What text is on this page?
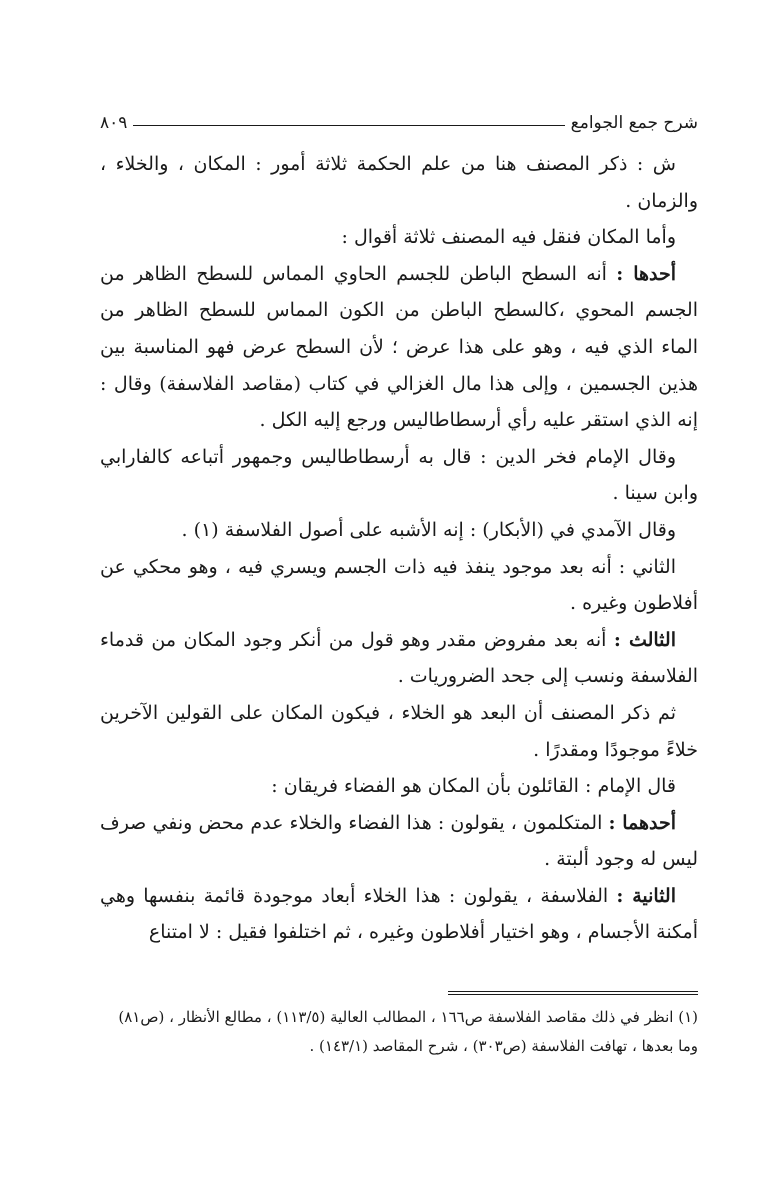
شرح جمع الجوامع
٨٠٩

ش : ذكر المصنف هنا من علم الحكمة ثلاثة أمور : المكان ، والخلاء ، والزمان .

وأما المكان فنقل فيه المصنف ثلاثة أقوال :

أحدها : أنه السطح الباطن للجسم الحاوي المماس للسطح الظاهر من الجسم المحوي ،كالسطح الباطن من الكون المماس للسطح الظاهر من الماء الذي فيه ، وهو على هذا عرض ؛ لأن السطح عرض فهو المناسبة بين هذين الجسمين ، وإلى هذا مال الغزالي في كتاب (مقاصد الفلاسفة) وقال : إنه الذي استقر عليه رأي أرسطاطاليس ورجع إليه الكل .

وقال الإمام فخر الدين : قال به أرسطاطاليس وجمهور أتباعه كالفارابي وابن سينا .

وقال الآمدي في (الأبكار) : إنه الأشبه على أصول الفلاسفة (١) .

الثاني : أنه بعد موجود ينفذ فيه ذات الجسم ويسري فيه ، وهو محكي عن أفلاطون وغيره .

الثالث : أنه بعد مفروض مقدر وهو قول من أنكر وجود المكان من قدماء الفلاسفة ونسب إلى جحد الضروريات .

ثم ذكر المصنف أن البعد هو الخلاء ، فيكون المكان على القولين الآخرين خلاءً موجودًا ومقدرًا .

قال الإمام : القائلون بأن المكان هو الفضاء فريقان :

أحدهما : المتكلمون ، يقولون : هذا الفضاء والخلاء عدم محض ونفي صرف ليس له وجود ألبتة .

الثانية : الفلاسفة ، يقولون : هذا الخلاء أبعاد موجودة قائمة بنفسها وهي أمكنة الأجسام ، وهو اختيار أفلاطون وغيره ، ثم اختلفوا فقيل : لا امتناع

(١) انظر في ذلك مقاصد الفلاسفة ص١٦٦ ، المطالب العالية (١١٣/٥) ، مطالع الأنظار ، (ص٨١) وما بعدها ، تهافت الفلاسفة (ص٣٠٣) ، شرح المقاصد (١٤٣/١) .
